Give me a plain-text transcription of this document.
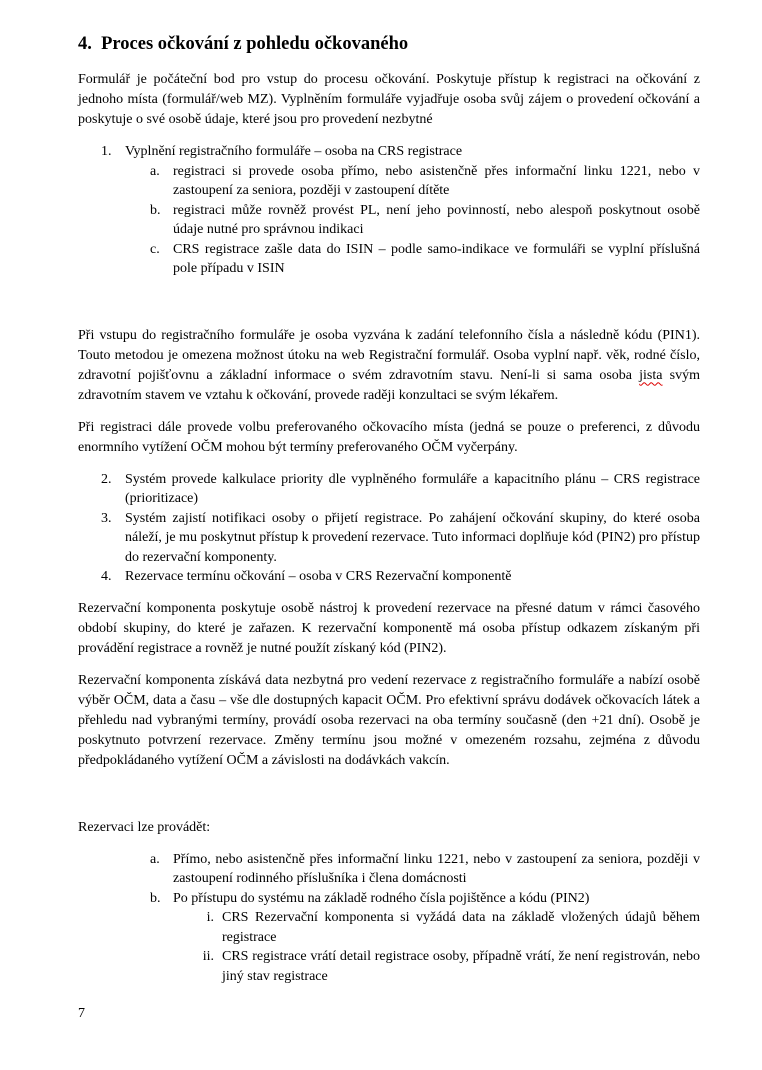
4. Proces očkování z pohledu očkovaného

Formulář je počáteční bod pro vstup do procesu očkování. Poskytuje přístup k registraci na očkování z jednoho místa (formulář/web MZ). Vyplněním formuláře vyjadřuje osoba svůj zájem o provedení očkování a poskytuje o své osobě údaje, které jsou pro provedení nezbytné

1. Vyplnění registračního formuláře – osoba na CRS registrace
a. registraci si provede osoba přímo, nebo asistenčně přes informační linku 1221, nebo v zastoupení za seniora, později v zastoupení dítěte
b. registraci může rovněž provést PL, není jeho povinností, nebo alespoň poskytnout osobě údaje nutné pro správnou indikaci
c. CRS registrace zašle data do ISIN – podle samo-indikace ve formuláři se vyplní příslušná pole případu v ISIN

Při vstupu do registračního formuláře je osoba vyzvána k zadání telefonního čísla a následně kódu (PIN1). Touto metodou je omezena možnost útoku na web Registrační formulář. Osoba vyplní např. věk, rodné číslo, zdravotní pojišťovnu a základní informace o svém zdravotním stavu. Není-li si sama osoba jista svým zdravotním stavem ve vztahu k očkování, provede raději konzultaci se svým lékařem.

Při registraci dále provede volbu preferovaného očkovacího místa (jedná se pouze o preferenci, z důvodu enormního vytížení OČM mohou být termíny preferovaného OČM vyčerpány.

2. Systém provede kalkulace priority dle vyplněného formuláře a kapacitního plánu – CRS registrace (prioritizace)
3. Systém zajistí notifikaci osoby o přijetí registrace. Po zahájení očkování skupiny, do které osoba náleží, je mu poskytnut přístup k provedení rezervace. Tuto informaci doplňuje kód (PIN2) pro přístup do rezervační komponenty.
4. Rezervace termínu očkování – osoba v CRS Rezervační komponentě

Rezervační komponenta poskytuje osobě nástroj k provedení rezervace na přesné datum v rámci časového období skupiny, do které je zařazen. K rezervační komponentě má osoba přístup odkazem získaným při provádění registrace a rovněž je nutné použít získaný kód (PIN2).

Rezervační komponenta získává data nezbytná pro vedení rezervace z registračního formuláře a nabízí osobě výběr OČM, data a času – vše dle dostupných kapacit OČM. Pro efektivní správu dodávek očkovacích látek a přehledu nad vybranými termíny, provádí osoba rezervaci na oba termíny současně (den +21 dní). Osobě je poskytnuto potvrzení rezervace. Změny termínu jsou možné v omezeném rozsahu, zejména z důvodu předpokládaného vytížení OČM a závislosti na dodávkách vakcín.

Rezervaci lze provádět:

a. Přímo, nebo asistenčně přes informační linku 1221, nebo v zastoupení za seniora, později v zastoupení rodinného příslušníka i člena domácnosti
b. Po přístupu do systému na základě rodného čísla pojištěnce a kódu (PIN2)
i. CRS Rezervační komponenta si vyžádá data na základě vložených údajů během registrace
ii. CRS registrace vrátí detail registrace osoby, případně vrátí, že není registrován, nebo jiný stav registrace
7
